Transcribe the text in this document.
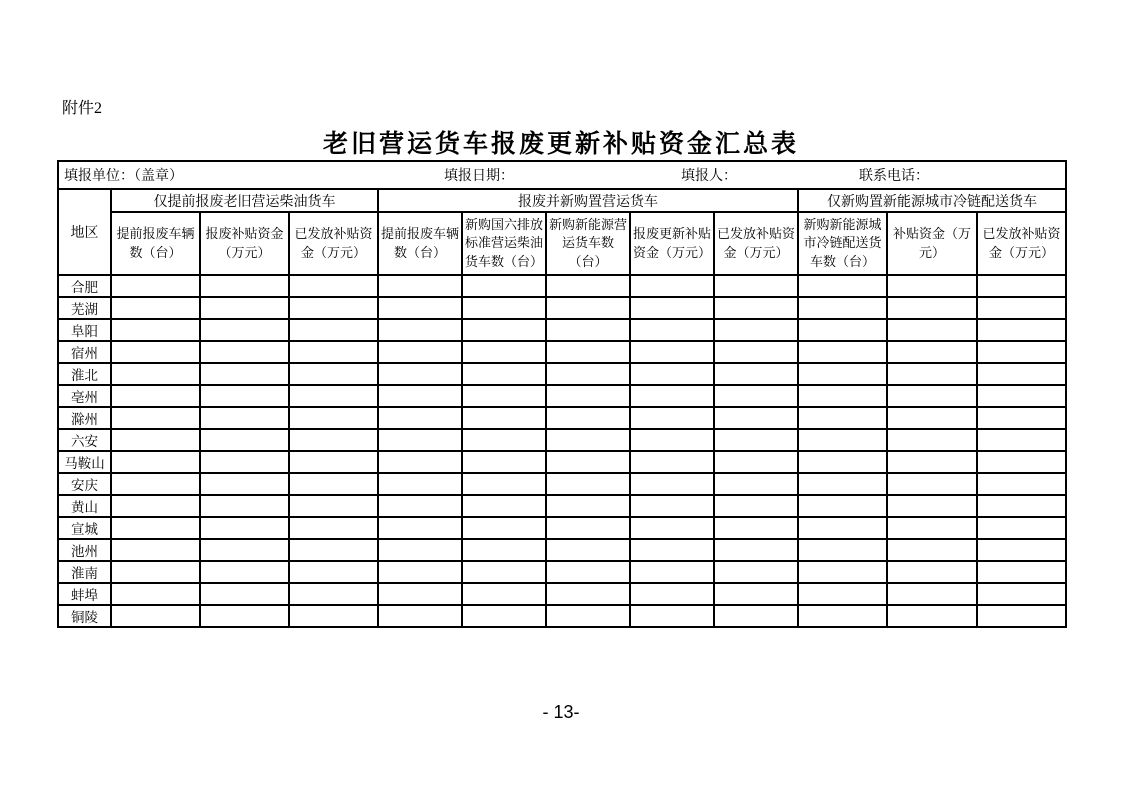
附件2
老旧营运货车报废更新补贴资金汇总表
填报单位：（盖章） 填报日期： 填报人： 联系电话：											

地区	仅提前报废老旧营运柴油货车			报废并新购置营运货车					仅新购置新能源城市冷链配送货车		
	提前报废车辆数（台）	报废补贴资金（万元）	已发放补贴资金（万元）	提前报废车辆数（台）	新购国六排放标准营运柴油货车数（台）	新购新能源营运货车数（台）	报废更新补贴资金（万元）	已发放补贴资金（万元）	新购新能源城市冷链配送货车数（台）	补贴资金（万元）	已发放补贴资金（万元）
合肥											
芜湖											
阜阳											
宿州											
淮北											
亳州											
滁州											
六安											
马鞍山											
安庆											
黄山											
宣城											
池州											
淮南											
蚌埠											
铜陵											
- 13-
